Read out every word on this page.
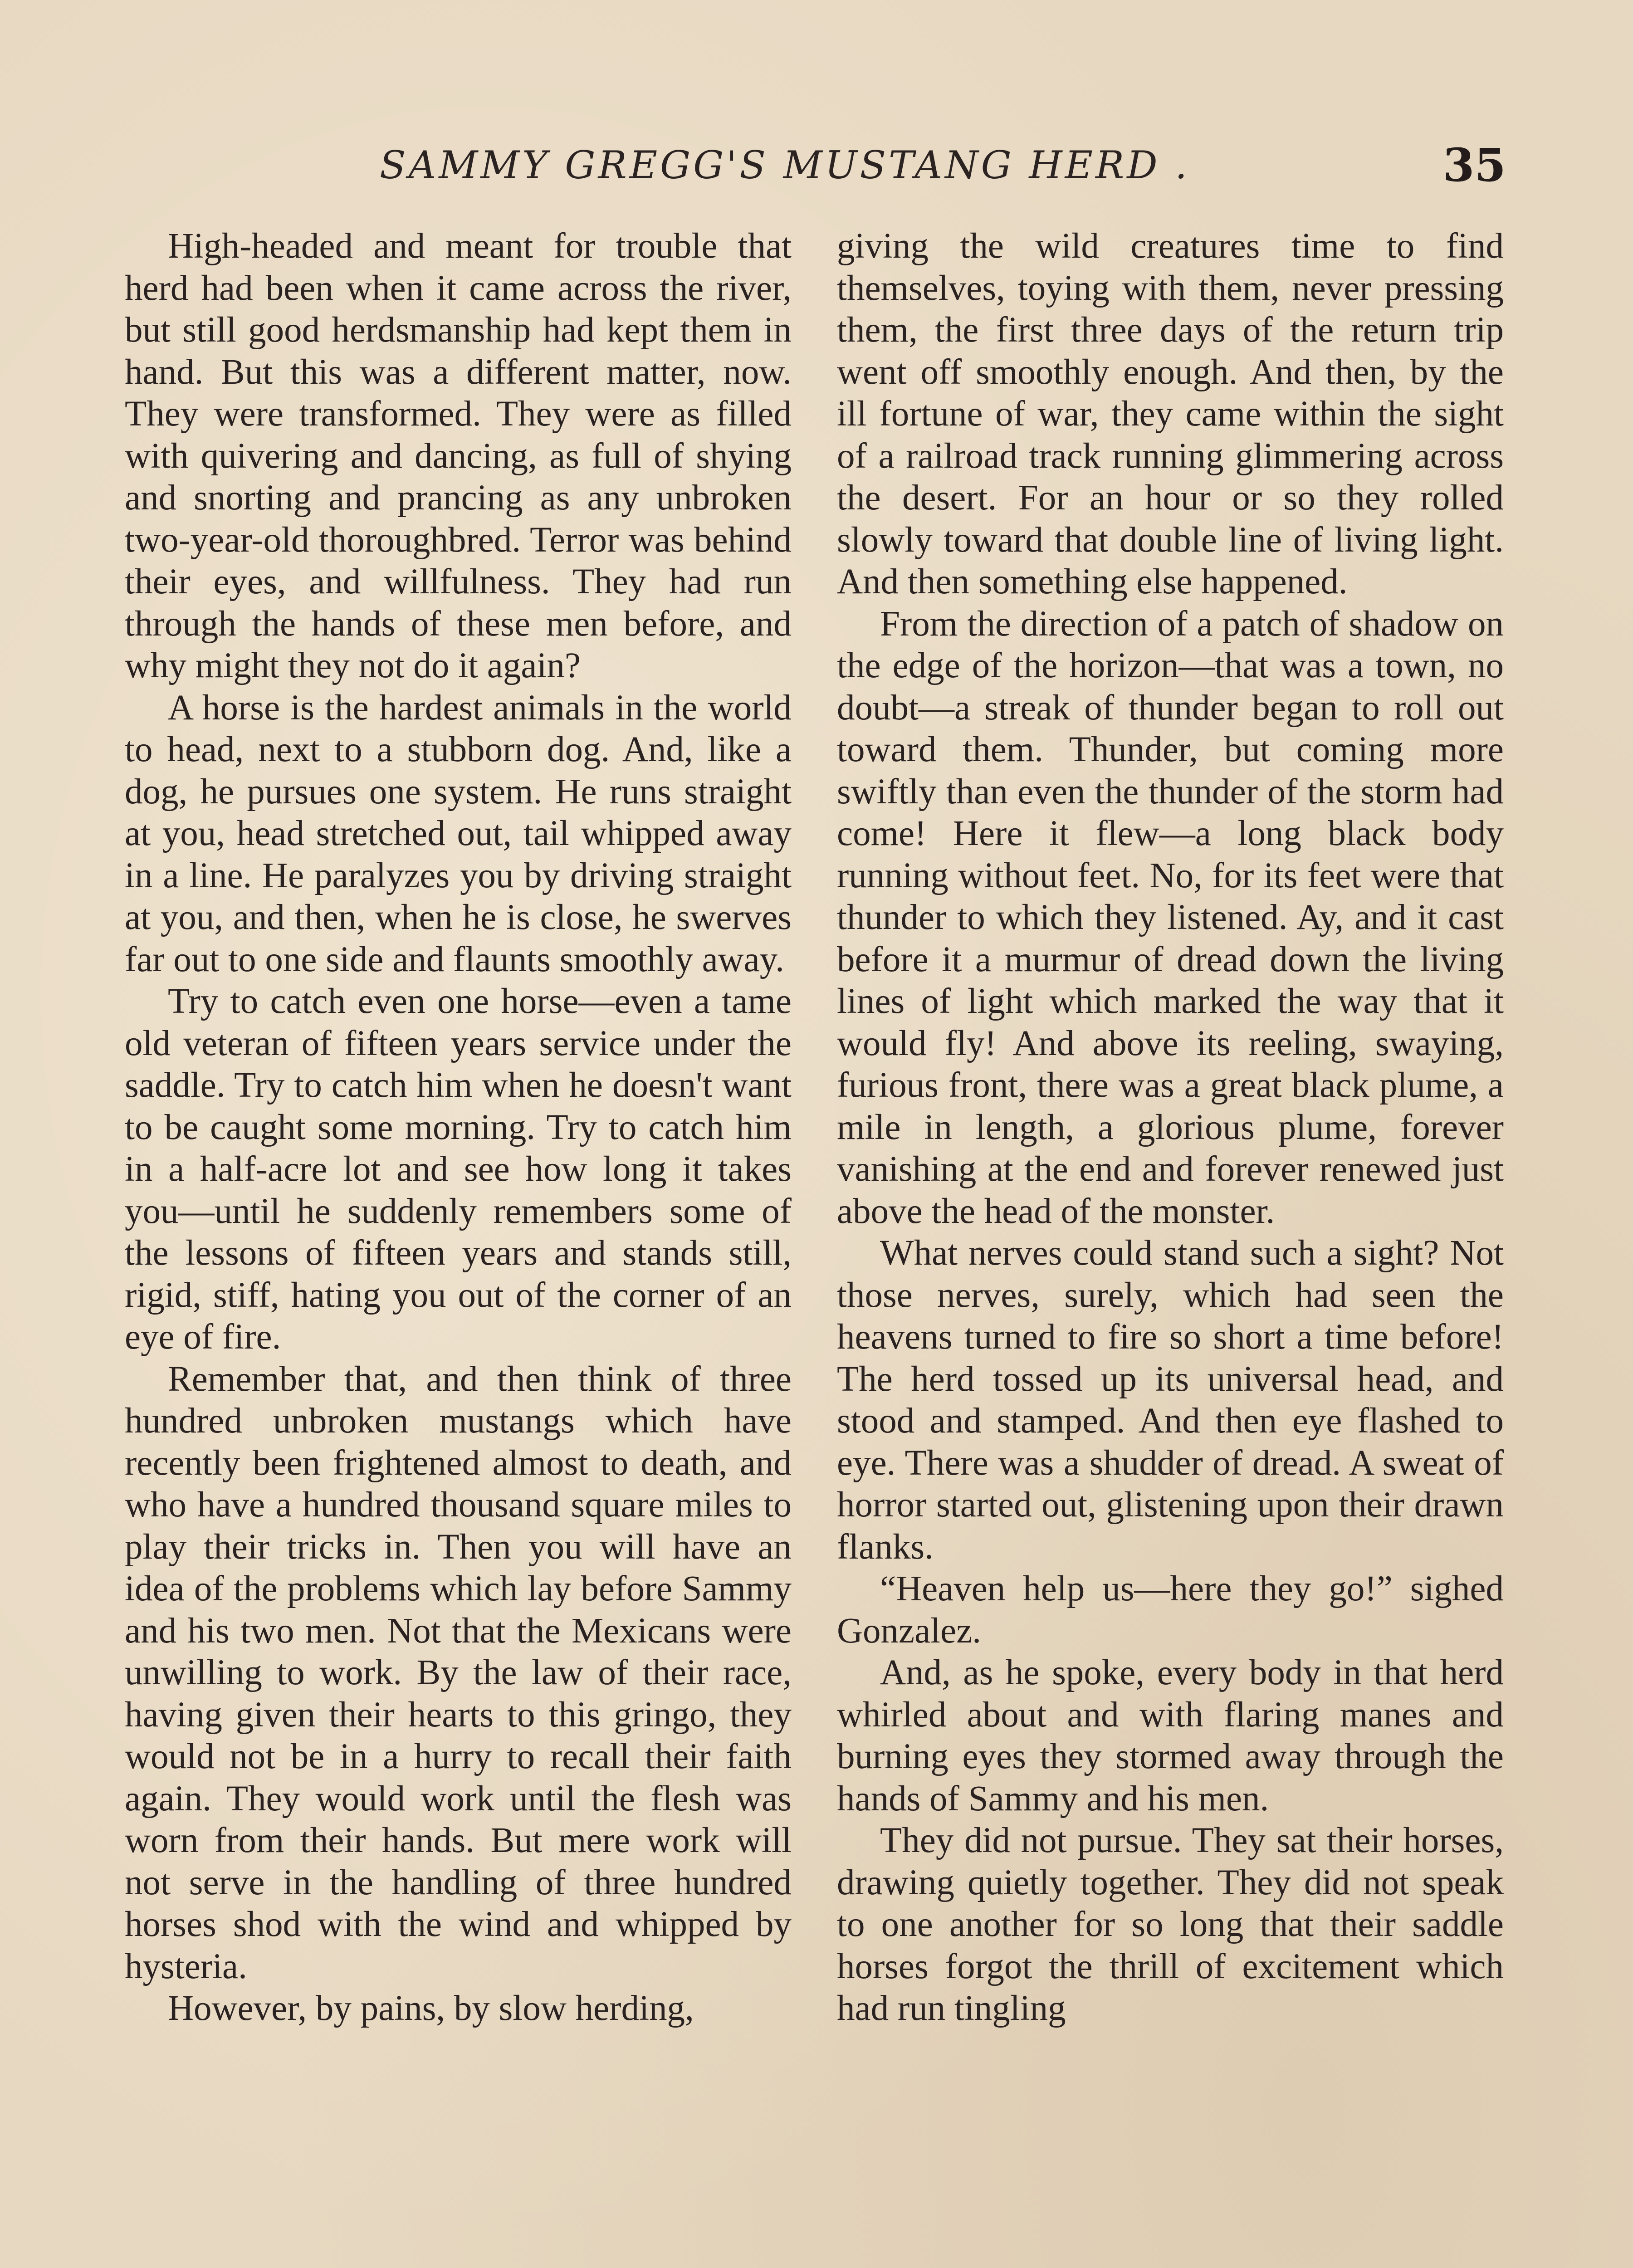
SAMMY GREGG'S MUSTANG HERD .	35

High-headed and meant for trouble that herd had been when it came across the river, but still good herdsmanship had kept them in hand. But this was a different matter, now. They were transformed. They were as filled with quivering and dancing, as full of shying and snorting and prancing as any unbroken two-year-old thoroughbred. Terror was behind their eyes, and willfulness. They had run through the hands of these men before, and why might they not do it again?

A horse is the hardest animals in the world to head, next to a stubborn dog. And, like a dog, he pursues one system. He runs straight at you, head stretched out, tail whipped away in a line. He paralyzes you by driving straight at you, and then, when he is close, he swerves far out to one side and flaunts smoothly away.

Try to catch even one horse—even a tame old veteran of fifteen years service under the saddle. Try to catch him when he doesn't want to be caught some morning. Try to catch him in a half-acre lot and see how long it takes you—until he suddenly remembers some of the lessons of fifteen years and stands still, rigid, stiff, hating you out of the corner of an eye of fire.

Remember that, and then think of three hundred unbroken mustangs which have recently been frightened almost to death, and who have a hundred thousand square miles to play their tricks in. Then you will have an idea of the problems which lay before Sammy and his two men. Not that the Mexicans were unwilling to work. By the law of their race, having given their hearts to this gringo, they would not be in a hurry to recall their faith again. They would work until the flesh was worn from their hands. But mere work will not serve in the handling of three hundred horses shod with the wind and whipped by hysteria.

However, by pains, by slow herding,

giving the wild creatures time to find themselves, toying with them, never pressing them, the first three days of the return trip went off smoothly enough. And then, by the ill fortune of war, they came within the sight of a railroad track running glimmering across the desert. For an hour or so they rolled slowly toward that double line of living light. And then something else happened.

From the direction of a patch of shadow on the edge of the horizon—that was a town, no doubt—a streak of thunder began to roll out toward them. Thunder, but coming more swiftly than even the thunder of the storm had come! Here it flew—a long black body running without feet. No, for its feet were that thunder to which they listened. Ay, and it cast before it a murmur of dread down the living lines of light which marked the way that it would fly! And above its reeling, swaying, furious front, there was a great black plume, a mile in length, a glorious plume, forever vanishing at the end and forever renewed just above the head of the monster.

What nerves could stand such a sight? Not those nerves, surely, which had seen the heavens turned to fire so short a time before! The herd tossed up its universal head, and stood and stamped. And then eye flashed to eye. There was a shudder of dread. A sweat of horror started out, glistening upon their drawn flanks.

“Heaven help us—here they go!” sighed Gonzalez.

And, as he spoke, every body in that herd whirled about and with flaring manes and burning eyes they stormed away through the hands of Sammy and his men.

They did not pursue. They sat their horses, drawing quietly together. They did not speak to one another for so long that their saddle horses forgot the thrill of excitement which had run tingling
